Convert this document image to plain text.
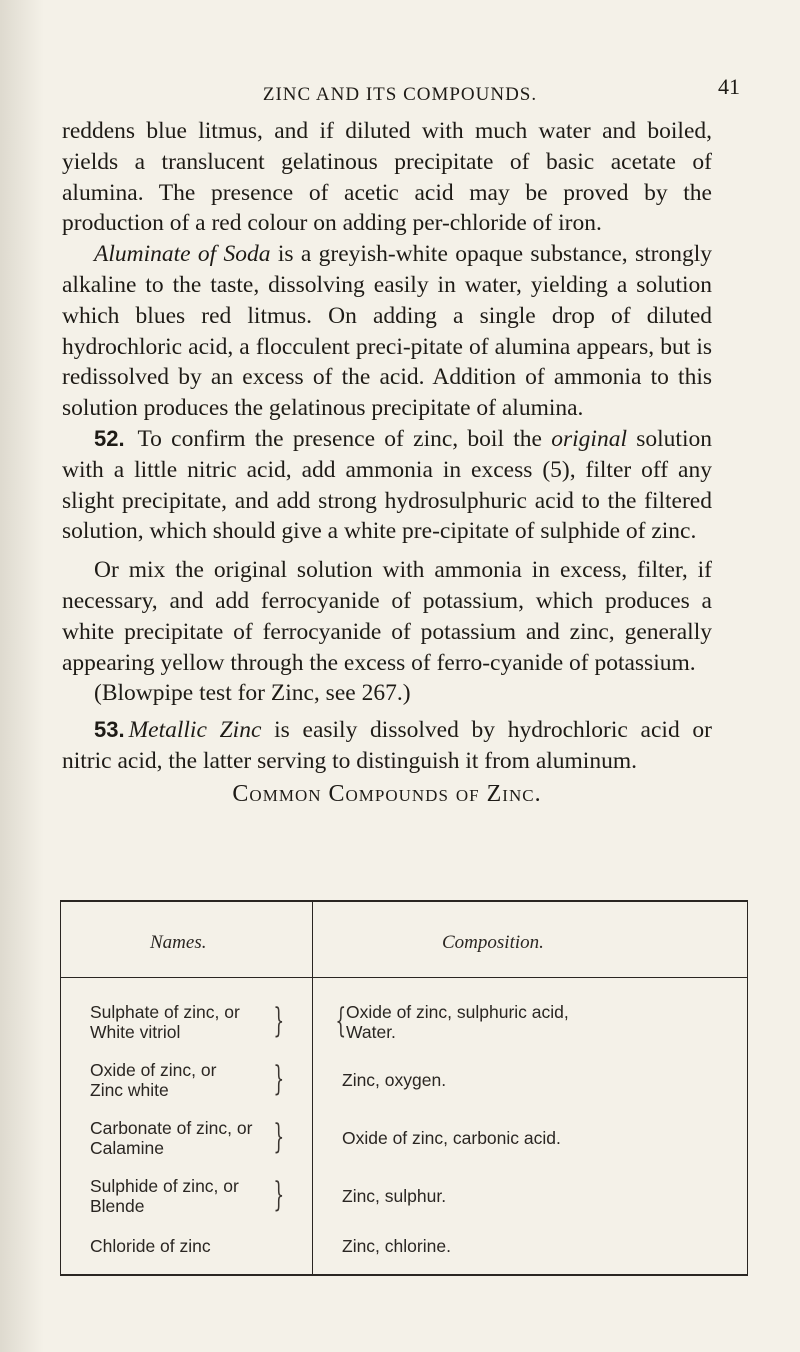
ZINC AND ITS COMPOUNDS.	41

reddens blue litmus, and if diluted with much water and boiled, yields a translucent gelatinous precipitate of basic acetate of alumina. The presence of acetic acid may be proved by the production of a red colour on adding per-chloride of iron.

Aluminate of Soda is a greyish-white opaque substance, strongly alkaline to the taste, dissolving easily in water, yielding a solution which blues red litmus. On adding a single drop of diluted hydrochloric acid, a flocculent preci-pitate of alumina appears, but is redissolved by an excess of the acid. Addition of ammonia to this solution produces the gelatinous precipitate of alumina.

52. To confirm the presence of zinc, boil the original solution with a little nitric acid, add ammonia in excess (5), filter off any slight precipitate, and add strong hydrosulphuric acid to the filtered solution, which should give a white pre-cipitate of sulphide of zinc.

Or mix the original solution with ammonia in excess, filter, if necessary, and add ferrocyanide of potassium, which produces a white precipitate of ferrocyanide of potassium and zinc, generally appearing yellow through the excess of ferro-cyanide of potassium.

(Blowpipe test for Zinc, see 267.)

53. Metallic Zinc is easily dissolved by hydrochloric acid or nitric acid, the latter serving to distinguish it from aluminum.

Common Compounds of Zinc.
Names.	Composition.
Sulphate of zinc, or
White vitriol	} { Oxide of zinc, sulphuric acid,
Water.
Oxide of zinc, or
Zinc white	}	Zinc, oxygen.
Carbonate of zinc, or
Calamine	}	Oxide of zinc, carbonic acid.
Sulphide of zinc, or
Blende	}	Zinc, sulphur.
Chloride of zinc	Zinc, chlorine.
